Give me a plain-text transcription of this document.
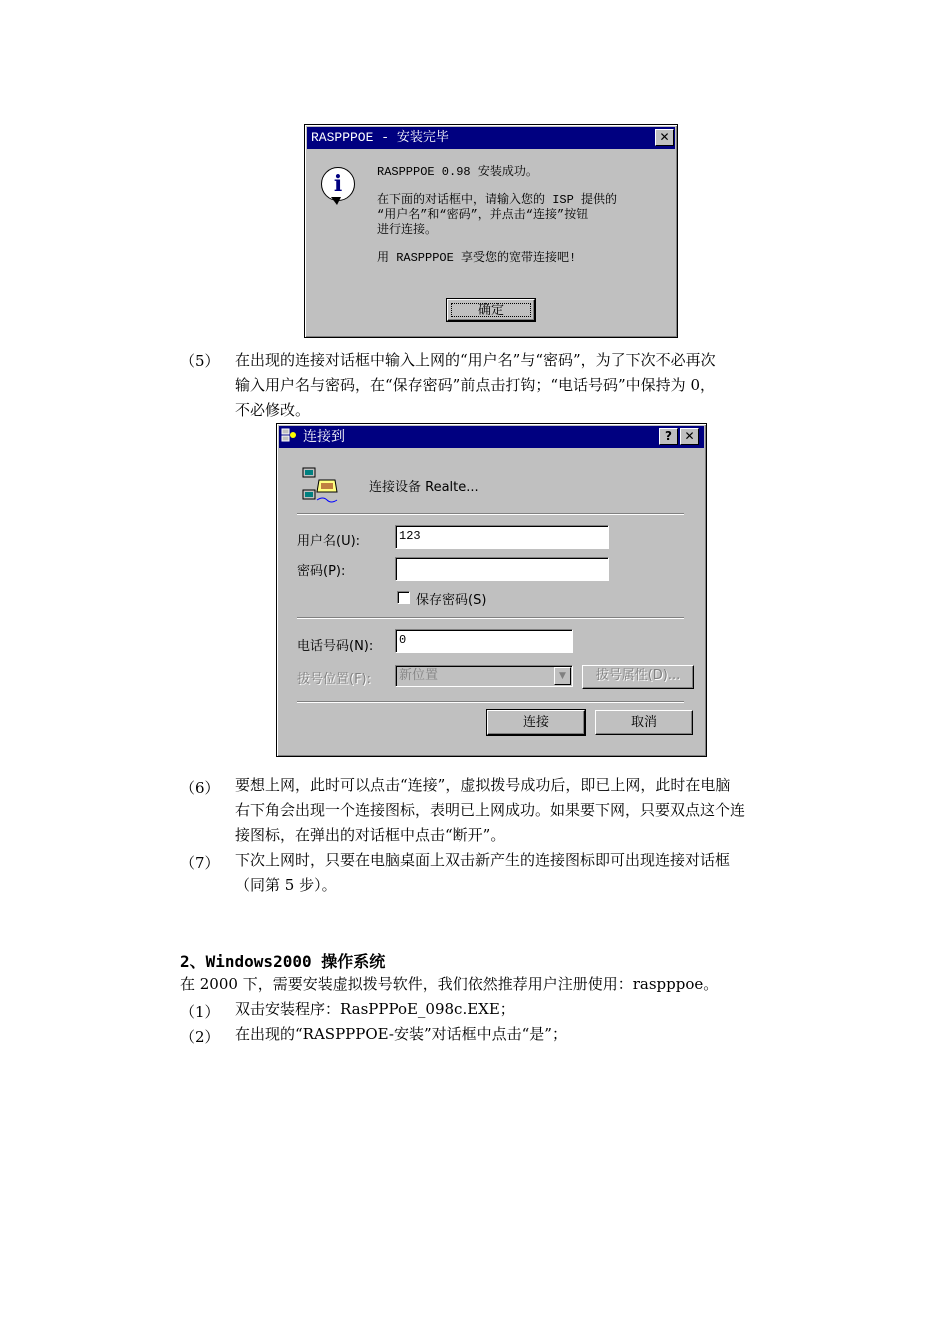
RASPPPOE - 安装完毕	✕
i	RASPPPOE 0.98 安装成功。
在下面的对话框中，请输入您的 ISP 提供的
“用户名”和“密码”，并点击“连接”按钮
进行连接。
用 RASPPPOE 享受您的宽带连接吧!
确定
（5） 在出现的连接对话框中输入上网的“用户名”与“密码”，为了下次不必再次
输入用户名与密码，在“保存密码”前点击打钩；“电话号码”中保持为 0，
不必修改。
连接到	?	✕
连接设备 Realte...
用户名(U):	123
密码(P):
保存密码(S)
电话号码(N):	0
拔号位置(F):	新位置	▼	拔号属性(D)...
连接	取消
（6） 要想上网，此时可以点击“连接”，虚拟拨号成功后，即已上网，此时在电脑
右下角会出现一个连接图标，表明已上网成功。如果要下网，只要双点这个连
接图标，在弹出的对话框中点击“断开”。
（7） 下次上网时，只要在电脑桌面上双击新产生的连接图标即可出现连接对话框
（同第 5 步）。
2、Windows2000 操作系统
在 2000 下，需要安装虚拟拨号软件，我们依然推荐用户注册使用：raspppoe。
（1） 双击安装程序：RasPPPoE_098c.EXE；
（2） 在出现的“RASPPPOE-安装”对话框中点击“是”；
